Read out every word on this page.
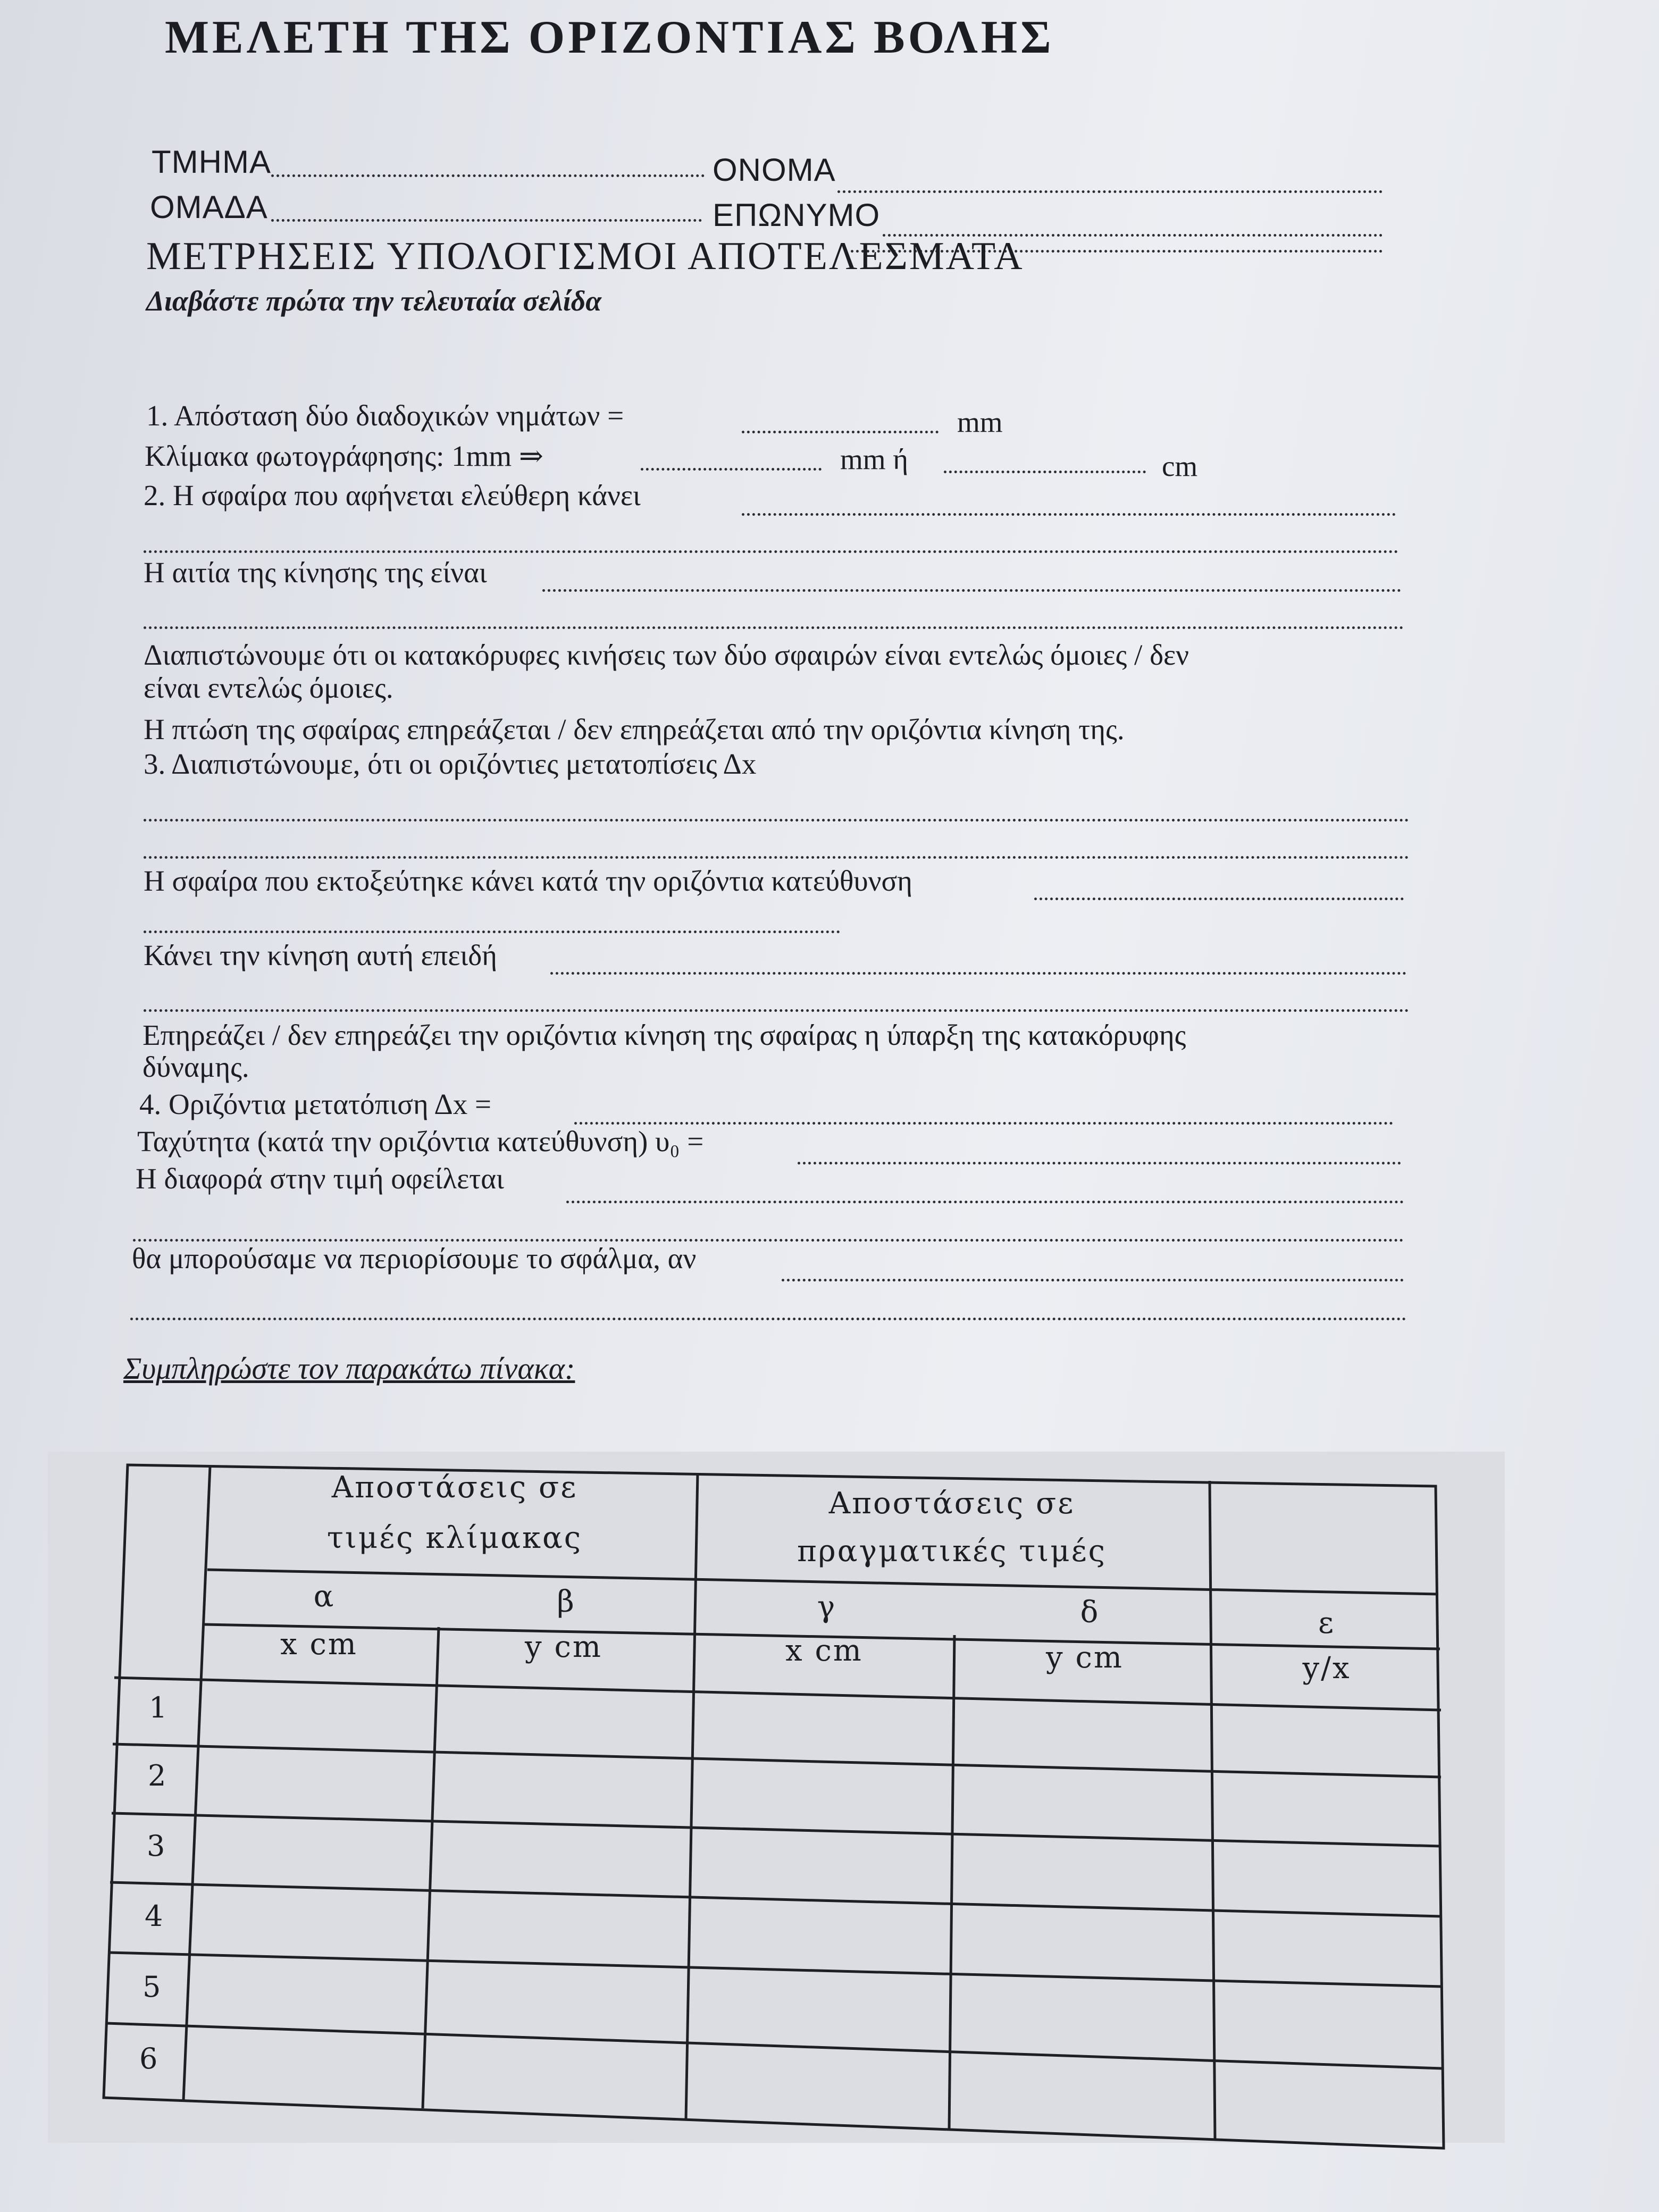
ΜΕΛΕΤΗ ΤΗΣ ΟΡΙΖΟΝΤΙΑΣ ΒΟΛΗΣ
ΤΜΗΜΑ	ΟΝΟΜΑ
ΟΜΑΔΑ	ΕΠΩΝΥΜΟ
ΜΕΤΡΗΣΕΙΣ ΥΠΟΛΟΓΙΣΜΟΙ ΑΠΟΤΕΛΕΣΜΑΤΑ
Διαβάστε πρώτα την τελευταία σελίδα
1. Απόσταση δύο διαδοχικών νημάτων =	mm
Κλίμακα φωτογράφησης: 1mm ⇒	mm ή	cm
2. Η σφαίρα που αφήνεται ελεύθερη κάνει
Η αιτία της κίνησης της είναι
Διαπιστώνουμε ότι οι κατακόρυφες κινήσεις των δύο σφαιρών είναι εντελώς όμοιες / δεν
είναι εντελώς όμοιες.
Η πτώση της σφαίρας επηρεάζεται / δεν επηρεάζεται από την οριζόντια κίνηση της.
3. Διαπιστώνουμε, ότι οι οριζόντιες μετατοπίσεις Δx
Η σφαίρα που εκτοξεύτηκε κάνει κατά την οριζόντια κατεύθυνση
Κάνει την κίνηση αυτή επειδή
Επηρεάζει / δεν επηρεάζει την οριζόντια κίνηση της σφαίρας η ύπαρξη της κατακόρυφης
δύναμης.
4. Οριζόντια μετατόπιση Δx =
Ταχύτητα (κατά την οριζόντια κατεύθυνση) υ₀ =
Η διαφορά στην τιμή οφείλεται
θα μπορούσαμε να περιορίσουμε το σφάλμα, αν
Συμπληρώστε τον παρακάτω πίνακα:
Αποστάσεις σε
τιμές κλίμακας
Αποστάσεις σε
πραγματικές τιμές
α	β	γ	δ	ε
x cm	y cm	x cm	y cm	y/x
1
2
3
4
5
6
